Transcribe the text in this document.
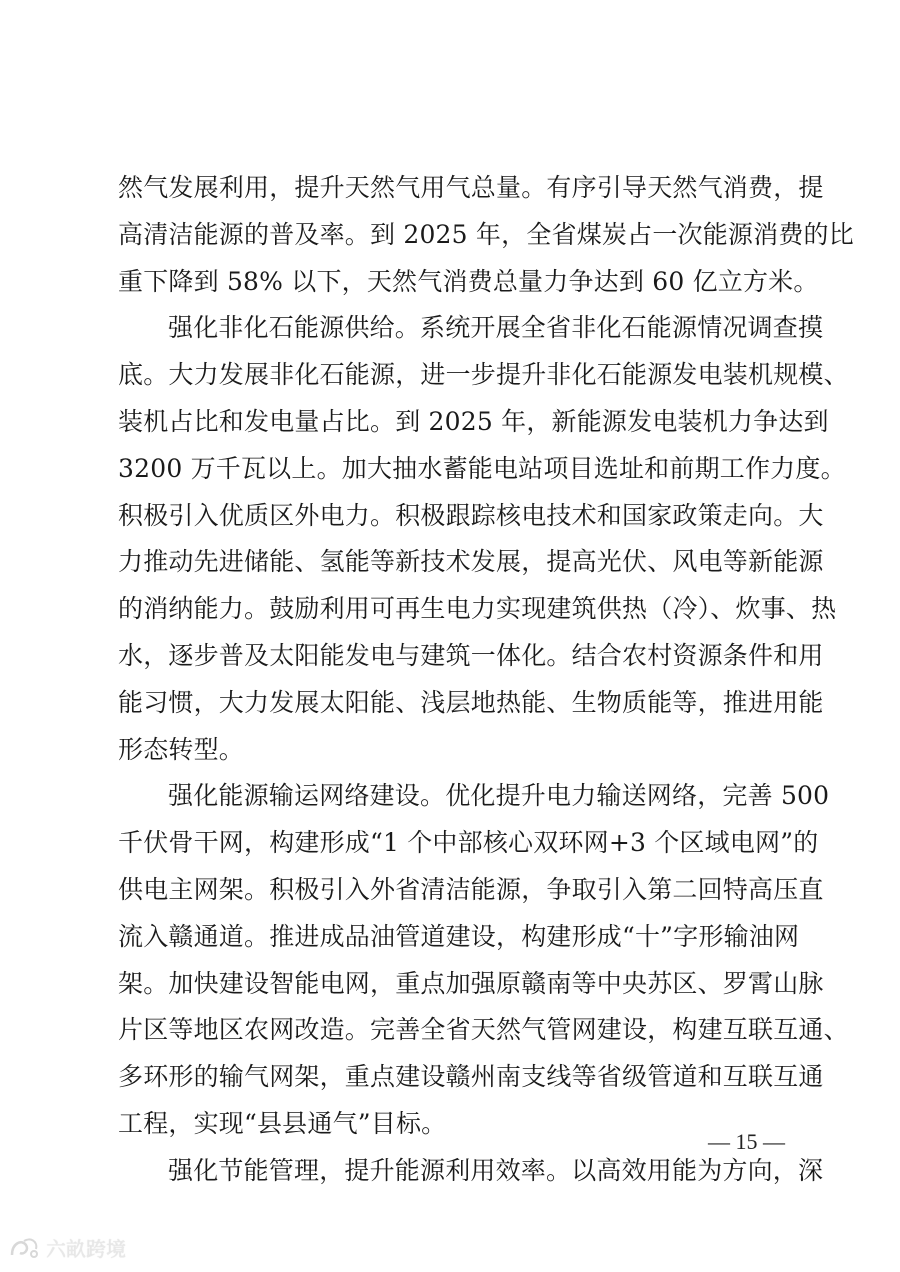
然气发展利用，提升天然气用气总量。有序引导天然气消费，提
高清洁能源的普及率。到 2025 年，全省煤炭占一次能源消费的比
重下降到 58% 以下，天然气消费总量力争达到 60 亿立方米。
强化非化石能源供给。系统开展全省非化石能源情况调查摸
底。大力发展非化石能源，进一步提升非化石能源发电装机规模、
装机占比和发电量占比。到 2025 年，新能源发电装机力争达到
3200 万千瓦以上。加大抽水蓄能电站项目选址和前期工作力度。
积极引入优质区外电力。积极跟踪核电技术和国家政策走向。大
力推动先进储能、氢能等新技术发展，提高光伏、风电等新能源
的消纳能力。鼓励利用可再生电力实现建筑供热（冷）、炊事、热
水，逐步普及太阳能发电与建筑一体化。结合农村资源条件和用
能习惯，大力发展太阳能、浅层地热能、生物质能等，推进用能
形态转型。
强化能源输运网络建设。优化提升电力输送网络，完善 500
千伏骨干网，构建形成“1 个中部核心双环网+3 个区域电网”的
供电主网架。积极引入外省清洁能源，争取引入第二回特高压直
流入赣通道。推进成品油管道建设，构建形成“十”字形输油网
架。加快建设智能电网，重点加强原赣南等中央苏区、罗霄山脉
片区等地区农网改造。完善全省天然气管网建设，构建互联互通、
多环形的输气网架，重点建设赣州南支线等省级管道和互联互通
工程，实现“县县通气”目标。
强化节能管理，提升能源利用效率。以高效用能为方向，深
— 15 —
六畝跨境
